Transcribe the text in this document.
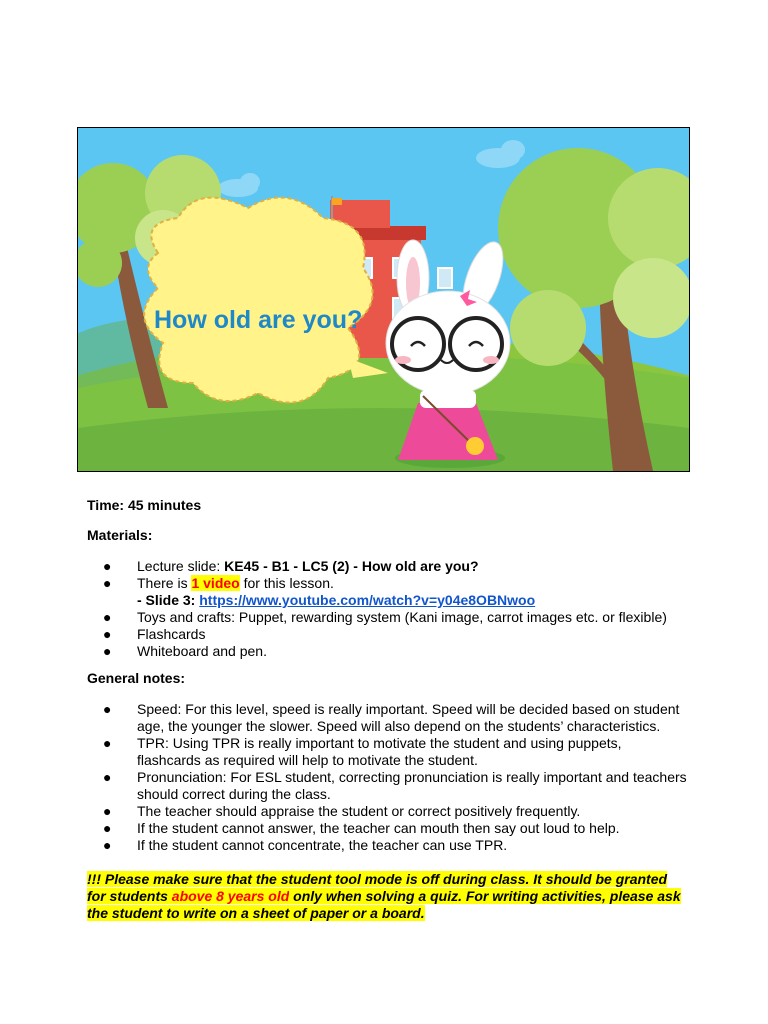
How old are you?

Time: 45 minutes

Materials:

● Lecture slide: KE45 - B1 - LC5 (2) - How old are you?
● There is 1 video for this lesson.
- Slide 3: https://www.youtube.com/watch?v=y04e8OBNwoo
● Toys and crafts: Puppet, rewarding system (Kani image, carrot images etc. or flexible)
● Flashcards
● Whiteboard and pen.

General notes:

● Speed: For this level, speed is really important. Speed will be decided based on student age, the younger the slower. Speed will also depend on the students’ characteristics.
● TPR: Using TPR is really important to motivate the student and using puppets, flashcards as required will help to motivate the student.
● Pronunciation: For ESL student, correcting pronunciation is really important and teachers should correct during the class.
● The teacher should appraise the student or correct positively frequently.
● If the student cannot answer, the teacher can mouth then say out loud to help.
● If the student cannot concentrate, the teacher can use TPR.

!!! Please make sure that the student tool mode is off during class. It should be granted for students above 8 years old only when solving a quiz. For writing activities, please ask the student to write on a sheet of paper or a board.
